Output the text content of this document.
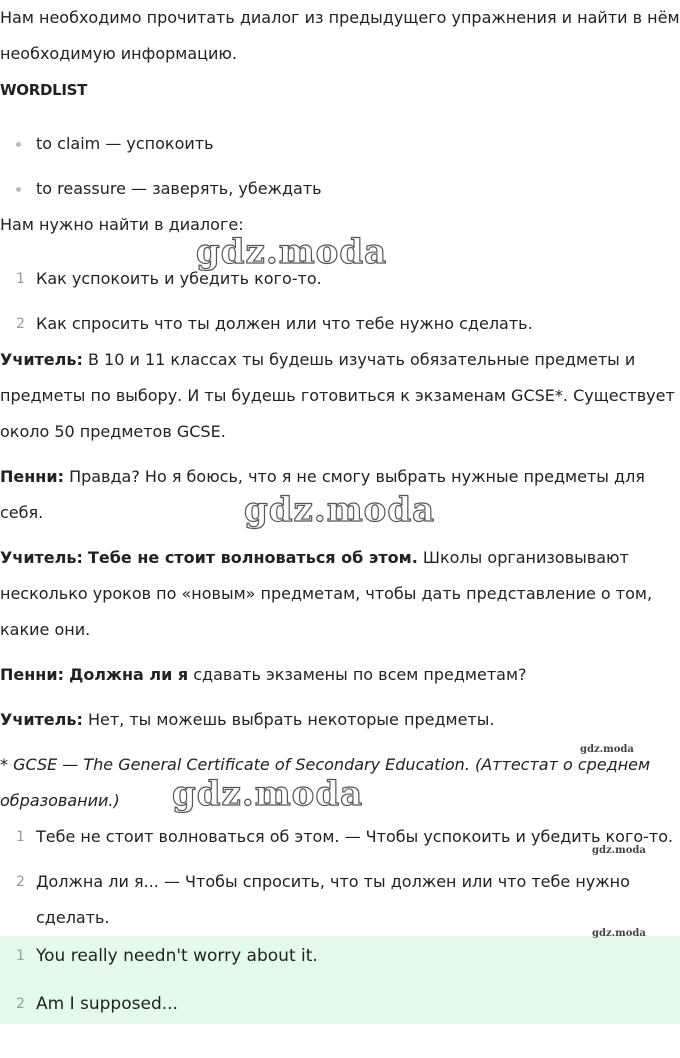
Нам необходимо прочитать диалог из предыдущего упражнения и найти в нём

необходимую информацию.

WORDLIST
to claim — успокоить
to reassure — заверять, убеждать

Нам нужно найти в диалоге:

1 Как успокоить и убедить кого-то.
2 Как спросить что ты должен или что тебе нужно сделать.

Учитель: В 10 и 11 классах ты будешь изучать обязательные предметы и

предметы по выбору. И ты будешь готовиться к экзаменам GCSE*. Существует

около 50 предметов GCSE.

Пенни: Правда? Но я боюсь, что я не смогу выбрать нужные предметы для

себя.

Учитель: Тебе не стоит волноваться об этом. Школы организовывают

несколько уроков по «новым» предметам, чтобы дать представление о том,

какие они.

Пенни: Должна ли я сдавать экзамены по всем предметам?

Учитель: Нет, ты можешь выбрать некоторые предметы.

* GCSE — The General Certificate of Secondary Education. (Аттестат о среднем

образовании.)

1 Тебе не стоит волноваться об этом. — Чтобы успокоить и убедить кого-то.
2 Должна ли я... — Чтобы спросить, что ты должен или что тебе нужно
сделать.
1 You really needn't worry about it.
2 Am I supposed...
gdz.moda
gdz.moda
gdz.moda
gdz.moda
gdz.moda
gdz.moda
